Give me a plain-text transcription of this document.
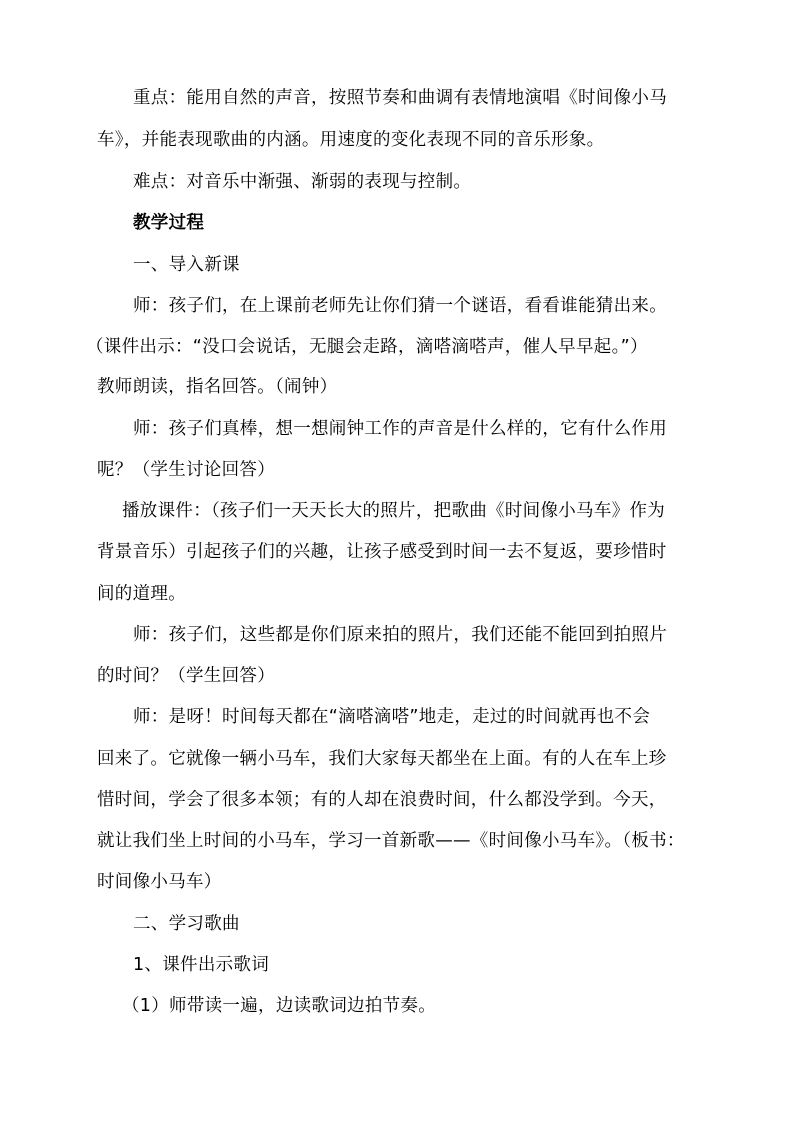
重点：能用自然的声音，按照节奏和曲调有表情地演唱《时间像小马
车》，并能表现歌曲的内涵。用速度的变化表现不同的音乐形象。
难点：对音乐中渐强、渐弱的表现与控制。
教学过程
一、导入新课
师：孩子们，在上课前老师先让你们猜一个谜语，看看谁能猜出来。
（课件出示：“没口会说话，无腿会走路，滴嗒滴嗒声，催人早早起。”）
教师朗读，指名回答。（闹钟）
师：孩子们真棒，想一想闹钟工作的声音是什么样的，它有什么作用
呢？（学生讨论回答）
播放课件：（孩子们一天天长大的照片，把歌曲《时间像小马车》作为
背景音乐）引起孩子们的兴趣，让孩子感受到时间一去不复返，要珍惜时
间的道理。
师：孩子们，这些都是你们原来拍的照片，我们还能不能回到拍照片
的时间？（学生回答）
师：是呀！时间每天都在“滴嗒滴嗒”地走，走过的时间就再也不会
回来了。它就像一辆小马车，我们大家每天都坐在上面。有的人在车上珍
惜时间，学会了很多本领；有的人却在浪费时间，什么都没学到。今天，
就让我们坐上时间的小马车，学习一首新歌——《时间像小马车》。（板书：
时间像小马车）
二、学习歌曲
1、课件出示歌词
（1）师带读一遍，边读歌词边拍节奏。
